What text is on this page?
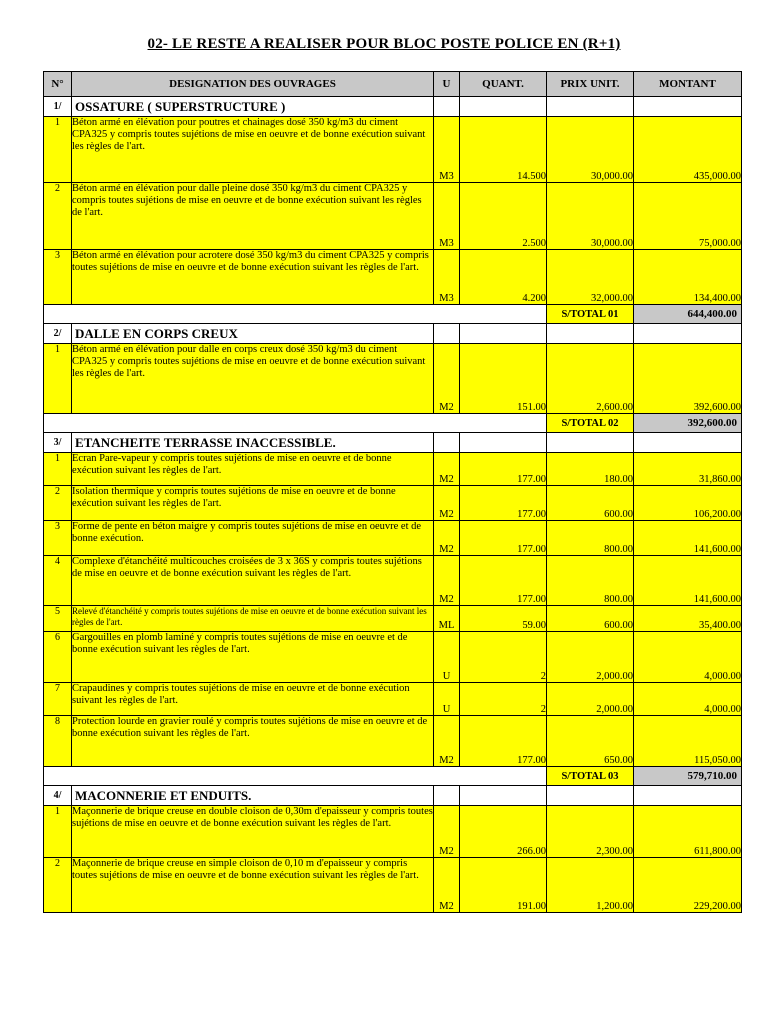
02- LE RESTE A REALISER POUR BLOC POSTE POLICE EN (R+1)
N°	DESIGNATION DES OUVRAGES	U	QUANT.	PRIX UNIT.	MONTANT
1/	OSSATURE ( SUPERSTRUCTURE )				
1	Béton armé en élévation pour poutres et chainages dosé 350 kg/m3 du ciment CPA325 y compris toutes sujétions de mise en oeuvre et de bonne exécution suivant les règles de l'art.	M3	14.500	30,000.00	435,000.00
2	Béton armé en élévation pour dalle pleine dosé 350 kg/m3 du ciment CPA325 y compris toutes sujétions de mise en oeuvre et de bonne exécution suivant les règles de l'art.	M3	2.500	30,000.00	75,000.00
3	Béton armé en élévation pour acrotere dosé 350 kg/m3 du ciment CPA325 y compris toutes sujétions de mise en oeuvre et de bonne exécution suivant les règles de l'art.	M3	4.200	32,000.00	134,400.00
				S/TOTAL 01	644,400.00
2/	DALLE EN CORPS CREUX				
1	Béton armé en élévation pour dalle en corps creux dosé 350 kg/m3 du ciment CPA325 y compris toutes sujétions de mise en oeuvre et de bonne exécution suivant les règles de l'art.	M2	151.00	2,600.00	392,600.00
				S/TOTAL 02	392,600.00
3/	ETANCHEITE TERRASSE INACCESSIBLE.				
1	Ecran Pare-vapeur y compris toutes sujétions de mise en oeuvre et de bonne exécution suivant les règles de l'art.	M2	177.00	180.00	31,860.00
2	Isolation thermique y compris toutes sujétions de mise en oeuvre et de bonne exécution suivant les règles de l'art.	M2	177.00	600.00	106,200.00
3	Forme de pente en béton maigre y compris toutes sujétions de mise en oeuvre et de bonne exécution.	M2	177.00	800.00	141,600.00
4	Complexe d'étanchéité multicouches croisées de 3 x 36S y compris toutes sujétions de mise en oeuvre et de bonne exécution suivant les règles de l'art.	M2	177.00	800.00	141,600.00
5	Relevé d'étanchéité y compris toutes sujétions de mise en oeuvre et de bonne exécution suivant les règles de l'art.	ML	59.00	600.00	35,400.00
6	Gargouilles en plomb laminé y compris toutes sujétions de mise en oeuvre et de bonne exécution suivant les règles de l'art.	U	2	2,000.00	4,000.00
7	Crapaudines y compris toutes sujétions de mise en oeuvre et de bonne exécution suivant les règles de l'art.	U	2	2,000.00	4,000.00
8	Protection lourde en gravier roulé y compris toutes sujétions de mise en oeuvre et de bonne exécution suivant les règles de l'art.	M2	177.00	650.00	115,050.00
				S/TOTAL 03	579,710.00
4/	MACONNERIE ET ENDUITS.				
1	Maçonnerie de brique creuse en double cloison de 0,30m d'epaisseur y compris toutes sujétions de mise en oeuvre et de bonne exécution suivant les règles de l'art.	M2	266.00	2,300.00	611,800.00
2	Maçonnerie de brique creuse en simple cloison de 0,10 m d'epaisseur y compris toutes sujétions de mise en oeuvre et de bonne exécution suivant les règles de l'art.	M2	191.00	1,200.00	229,200.00
